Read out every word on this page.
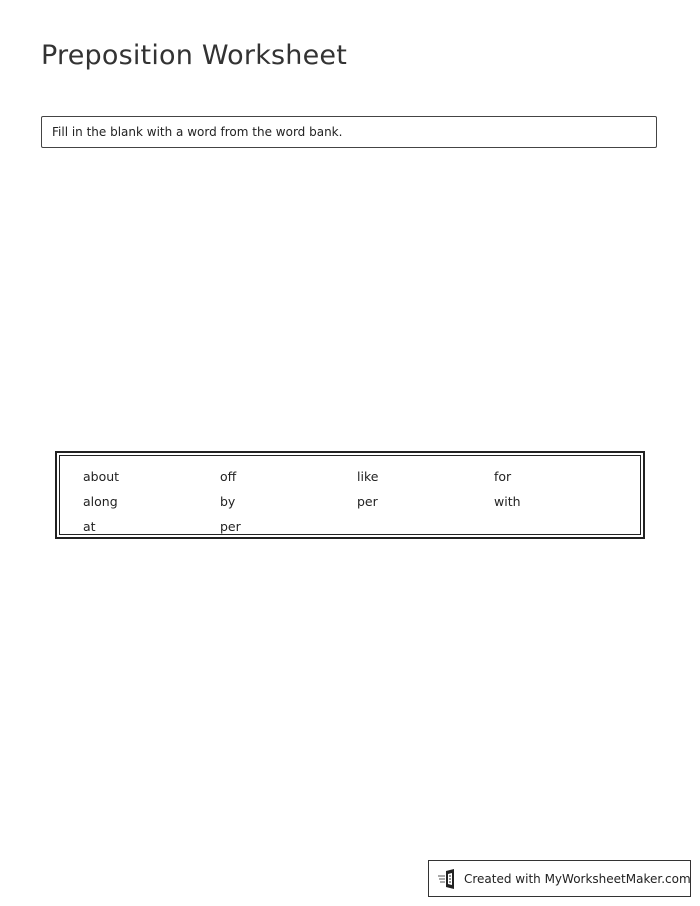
Preposition Worksheet
Fill in the blank with a word from the word bank.
about	off	like	for
along	by	per	with
at	per
Created with MyWorksheetMaker.com
